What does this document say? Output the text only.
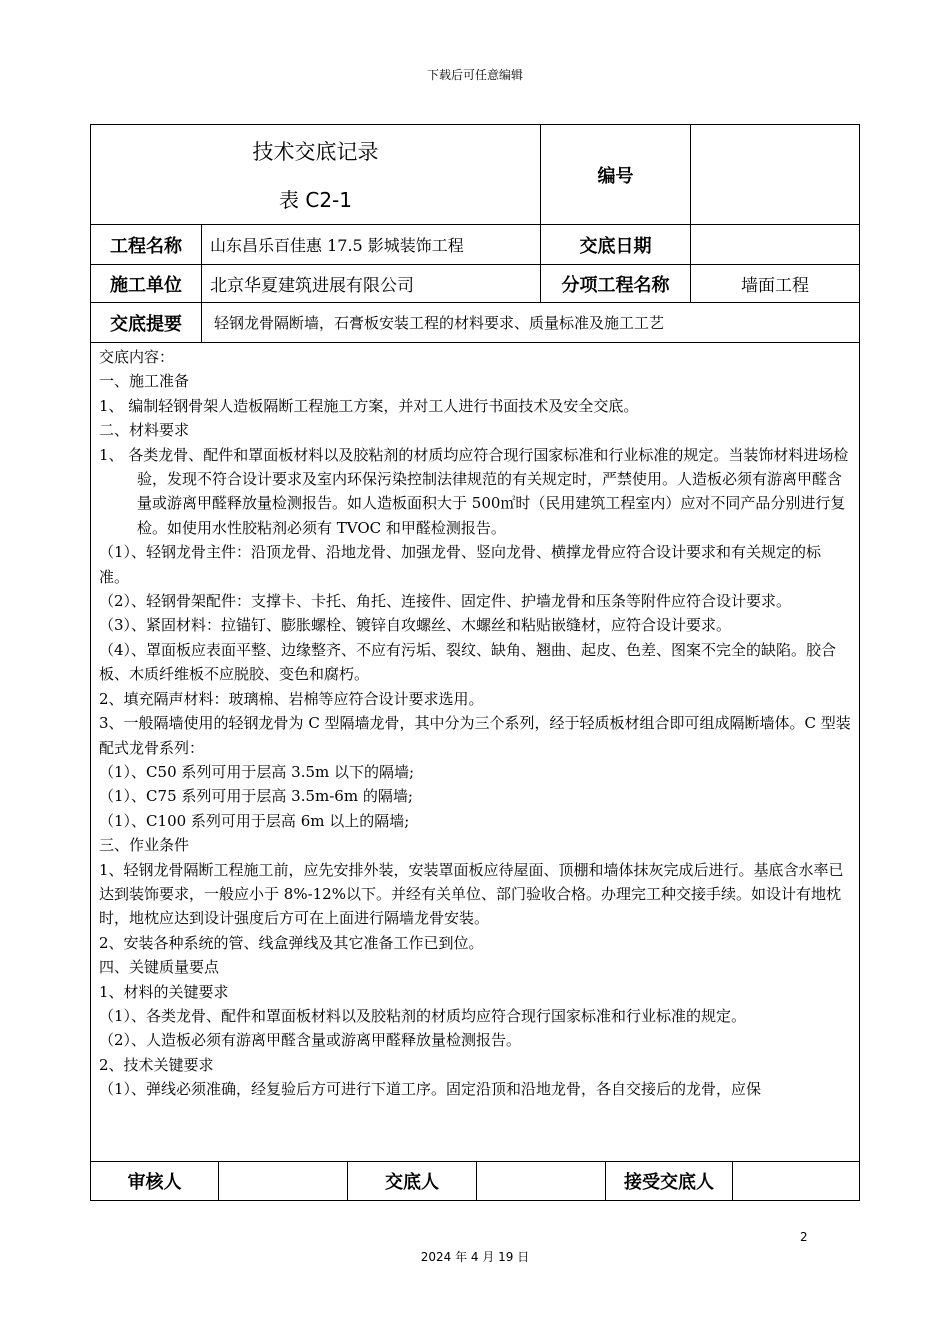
下载后可任意编辑
技术交底记录
表 C2-1
编号
工程名称	山东昌乐百佳惠 17.5 影城装饰工程	交底日期
施工单位	北京华夏建筑进展有限公司	分项工程名称	墙面工程
交底提要	轻钢龙骨隔断墙，石膏板安装工程的材料要求、质量标准及施工工艺

交底内容：

一、施工准备

1、 编制轻钢骨架人造板隔断工程施工方案，并对工人进行书面技术及安全交底。

二、材料要求

1、 各类龙骨、配件和罩面板材料以及胶粘剂的材质均应符合现行国家标准和行业标准的规定。当装饰材料进场检验，发现不符合设计要求及室内环保污染控制法律规范的有关规定时，严禁使用。人造板必须有游离甲醛含量或游离甲醛释放量检测报告。如人造板面积大于 500㎡时（民用建筑工程室内）应对不同产品分别进行复检。如使用水性胶粘剂必须有 TVOC 和甲醛检测报告。

（1）、轻钢龙骨主件：沿顶龙骨、沿地龙骨、加强龙骨、竖向龙骨、横撑龙骨应符合设计要求和有关规定的标准。

（2）、轻钢骨架配件：支撑卡、卡托、角托、连接件、固定件、护墙龙骨和压条等附件应符合设计要求。

（3）、紧固材料：拉锚钉、膨胀螺栓、镀锌自攻螺丝、木螺丝和粘贴嵌缝材，应符合设计要求。

（4）、罩面板应表面平整、边缘整齐、不应有污垢、裂纹、缺角、翘曲、起皮、色差、图案不完全的缺陷。胶合板、木质纤维板不应脱胶、变色和腐朽。

2、填充隔声材料：玻璃棉、岩棉等应符合设计要求选用。

3、一般隔墙使用的轻钢龙骨为 C 型隔墙龙骨，其中分为三个系列，经于轻质板材组合即可组成隔断墙体。C 型装配式龙骨系列：

（1）、C50 系列可用于层高 3.5m 以下的隔墙;

（1）、C75 系列可用于层高 3.5m-6m 的隔墙;

（1）、C100 系列可用于层高 6m 以上的隔墙;

三、作业条件

1、轻钢龙骨隔断工程施工前，应先安排外装，安装罩面板应待屋面、顶棚和墙体抹灰完成后进行。基底含水率已达到装饰要求，一般应小于 8%-12%以下。并经有关单位、部门验收合格。办理完工种交接手续。如设计有地枕时，地枕应达到设计强度后方可在上面进行隔墙龙骨安装。

2、安装各种系统的管、线盒弹线及其它准备工作已到位。

四、关键质量要点

1、材料的关键要求

（1）、各类龙骨、配件和罩面板材料以及胶粘剂的材质均应符合现行国家标准和行业标准的规定。

（2）、人造板必须有游离甲醛含量或游离甲醛释放量检测报告。

2、技术关键要求

（1）、弹线必须准确，经复验后方可进行下道工序。固定沿顶和沿地龙骨，各自交接后的龙骨，应保

审核人	交底人	接受交底人
2
2024 年 4 月 19 日
